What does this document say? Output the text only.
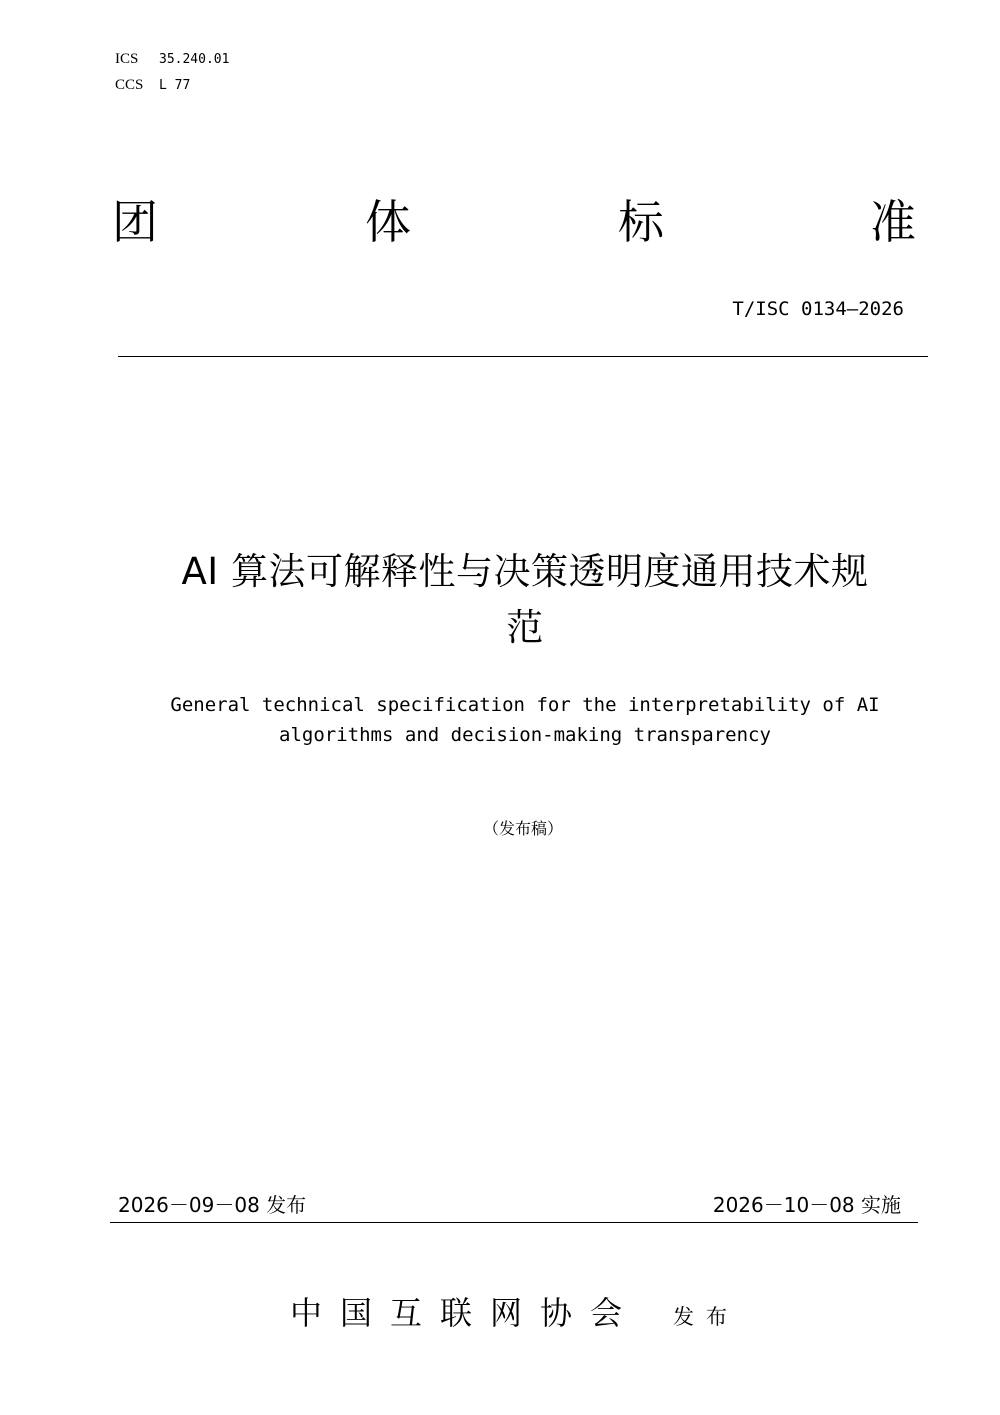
ICS 35.240.01
CCS L 77
团	体	标	准
T/ISC 0134—2026
AI 算法可解释性与决策透明度通用技术规
范
General technical specification for the interpretability of AI
algorithms and decision-making transparency
（发布稿）
2026－09－08 发布	2026－10－08 实施
中国互联网协会 发布
